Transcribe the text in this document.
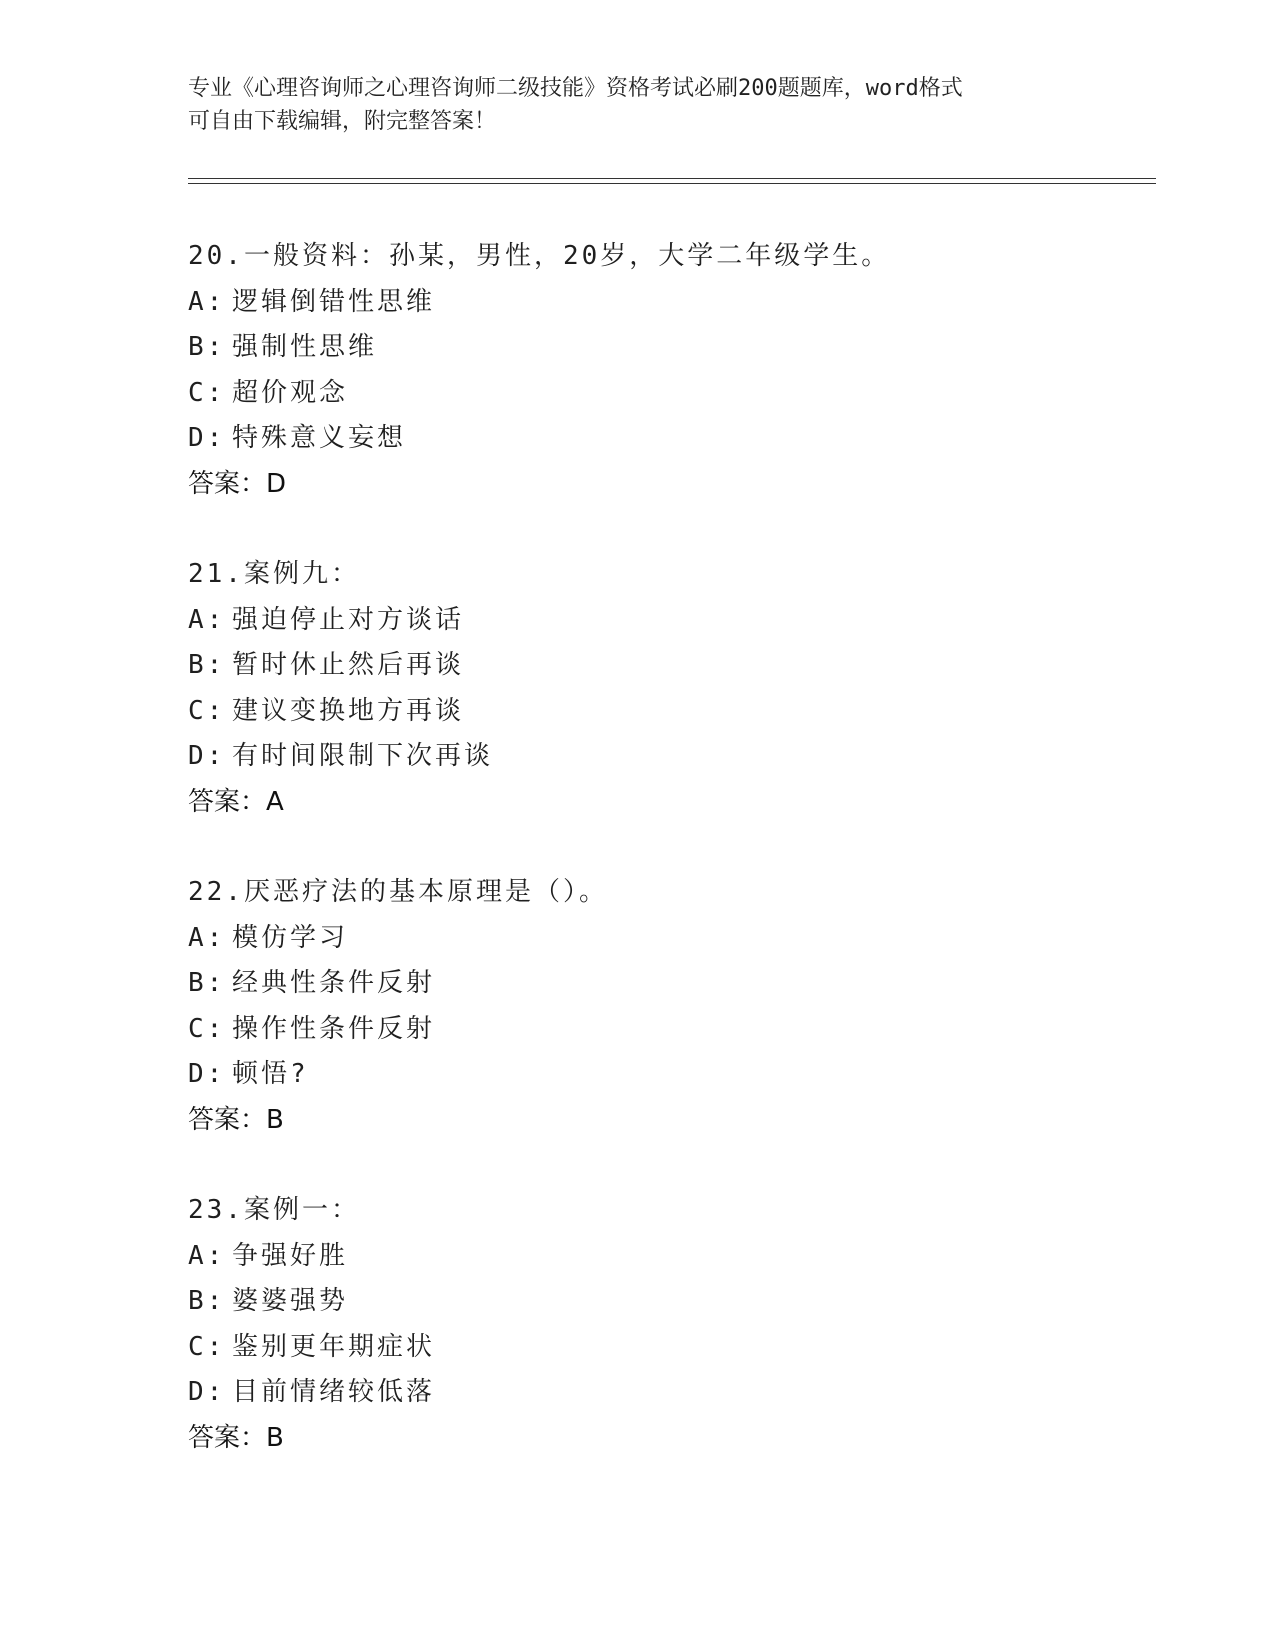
专业《心理咨询师之心理咨询师二级技能》资格考试必刷200题题库，word格式
可自由下载编辑，附完整答案！
20.一般资料：孙某，男性，20岁，大学二年级学生。
A: 逻辑倒错性思维
B: 强制性思维
C: 超价观念
D: 特殊意义妄想
答案：D
21.案例九：
A: 强迫停止对方谈话
B: 暂时休止然后再谈
C: 建议变换地方再谈
D: 有时间限制下次再谈
答案：A
22.厌恶疗法的基本原理是（）。
A: 模仿学习
B: 经典性条件反射
C: 操作性条件反射
D: 顿悟?
答案：B
23.案例一：
A: 争强好胜
B: 婆婆强势
C: 鉴别更年期症状
D: 目前情绪较低落
答案：B
